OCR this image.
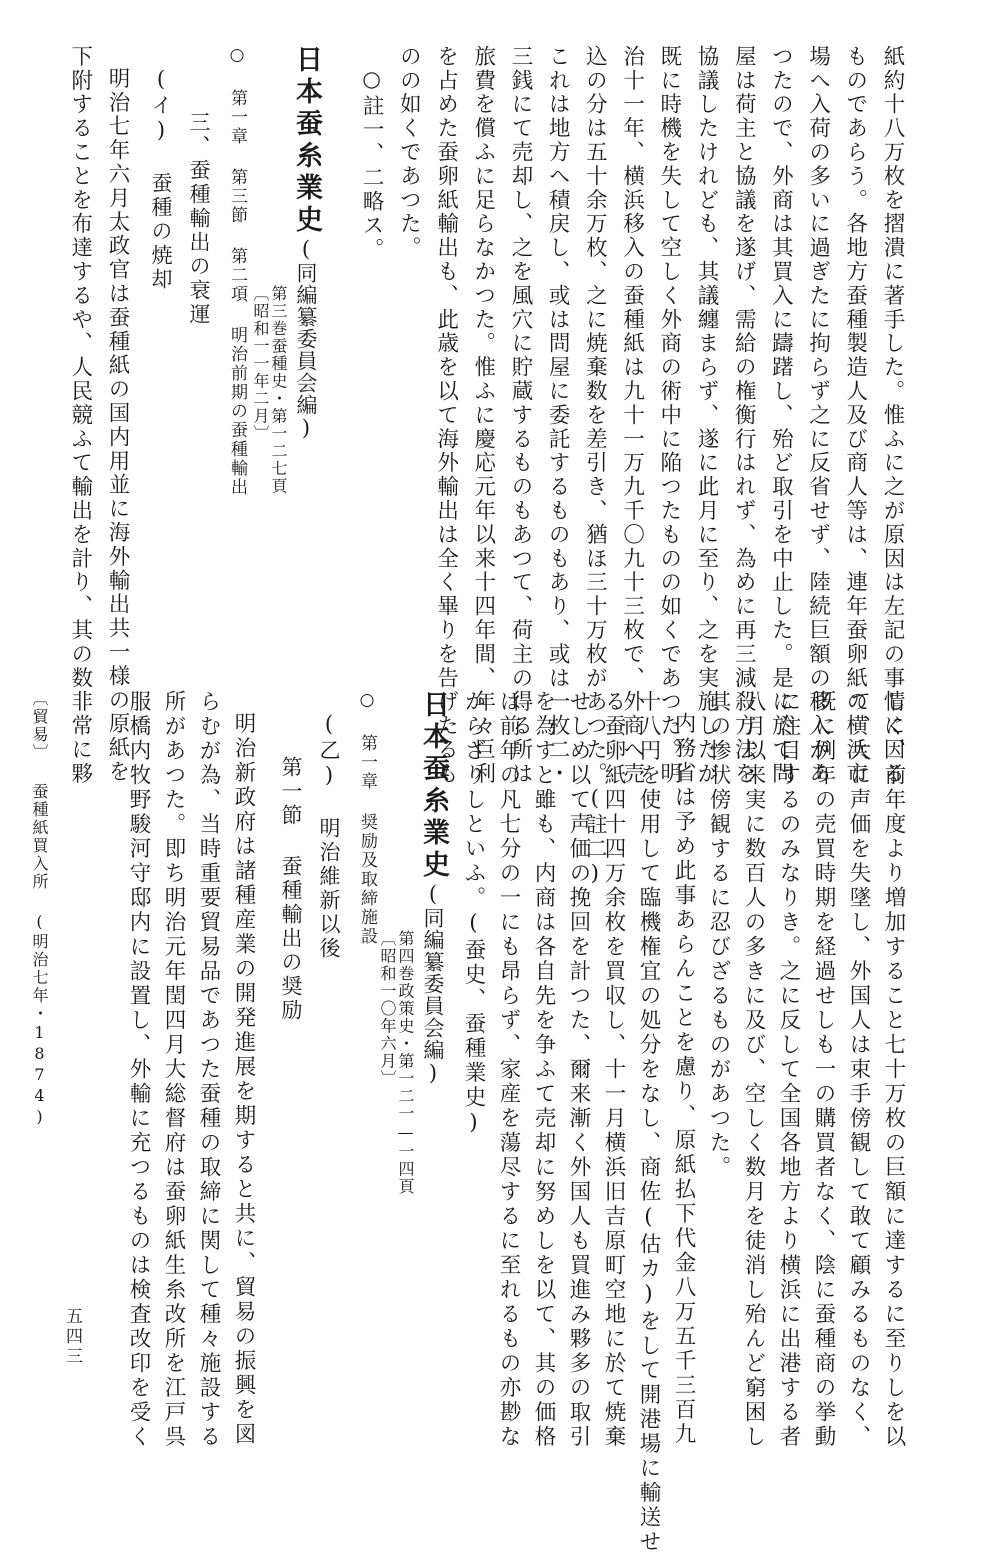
紙約十八万枚を摺潰に著手した。惟ふに之が原因は左記の事情に因る
ものであらう。各地方蚕種製造人及び商人等は、連年蚕卵紙の横浜市
場へ入荷の多いに過ぎたに拘らず之に反省せず、陸続巨額の移入があ
つたので、外商は其買入に躊躇し、殆ど取引を中止した。是に於て問
屋は荷主と協議を遂げ、需給の権衡行はれず、為めに再三減殺方法を
協議したけれども、其議纏まらず、遂に此月に至り、之を実施したが
既に時機を失して空しく外商の術中に陥つたものの如くであつた。明
治十一年、横浜移入の蚕種紙は九十一万九千〇九十三枚で、外商へ売
込の分は五十余万枚、之に焼棄数を差引き、猶ほ三十万枚があつた。(註二)
これは地方へ積戻し、或は問屋に委託するものもあり、或は一枚二・
三銭にて売却し、之を風穴に貯蔵するものもあつて、荷主の得る所は
旅費を償ふに足らなかつた。惟ふに慶応元年以来十四年間、年々巨利
を占めた蚕卵紙輸出も、此歳を以て海外輸出は全く畢りを告げたるも
のの如くであつた。
○註一、二略ス。
日本蚕糸業史(同編纂委員会編)
第三巻蚕種史・第一二七頁
〔昭和一一年二月〕
○ 第一章 第三節 第二項 明治前期の蚕種輸出
三、蚕種輸出の衰運
(イ) 蚕種の焼却
明治七年六月太政官は蚕種紙の国内用並に海外輸出共一様の原紙を
下附することを布達するや、人民競ふて輸出を計り、其の数非常に夥
しく、前年度より増加すること七十万枚の巨額に達するに至りしを以
て、大に声価を失墜し、外国人は束手傍観して敢て顧みるものなく、
既に例年の売買時期を経過せしも一の購買者なく、陰に蚕種商の挙動
に注目するのみなりき。之に反して全国各地方より横浜に出港する者
八月以来実に数百人の多きに及び、空しく数月を徒消し殆んど窮困し
其の惨状傍観するに忍びざるものがあつた。
内務省は予め此事あらんことを慮り、原紙払下代金八万五千三百九
十八円を使用して臨機権宜の処分をなし、商佐(估カ)をして開港場に輸送せ
る蚕卵紙四十四万余枚を買収し、十一月横浜旧吉原町空地に於て焼棄
せしめ以て声価の挽回を計つた、爾来漸く外国人も買進み夥多の取引
を為すと雖も、内商は各自先を争ふて売却に努めしを以て、其の価格
は前年の凡七分の一にも昂らず、家産を蕩尽するに至れるもの亦尠な
からざりしといふ。(蚕史、蚕種業史)
日本蚕糸業史(同編纂委員会編)
第四巻政策史・第一二一—一四頁
〔昭和一〇年六月〕
○ 第一章 奨励及取締施設
(乙) 明治維新以後
第一節 蚕種輸出の奨励
明治新政府は諸種産業の開発進展を期すると共に、貿易の振興を図
らむが為、当時重要貿易品であつた蚕種の取締に関して種々施設する
所があつた。即ち明治元年閏四月大総督府は蚕卵紙生糸改所を江戸呉
服橋内牧野駿河守邸内に設置し、外輸に充つるものは検査改印を受く
〔貿易〕 蚕種紙買入所 (明治七年・1874)
五四三
